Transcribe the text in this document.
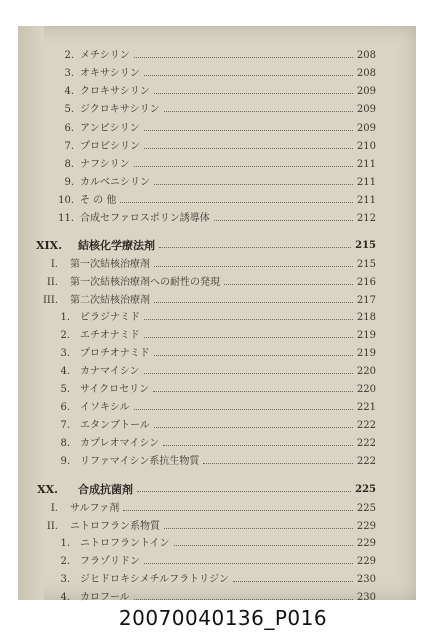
2. メチシリン	208
3. オキサシリン	208
4. クロキサシリン	209
5. ジクロキサシリン	209
6. アンピシリン	209
7. プロピシリン	210
8. ナフシリン	211
9. カルベニシリン	211
10. そ の 他	211
11. 合成セファロスポリン誘導体	212
XIX. 結核化学療法剤	215
I. 第一次結核治療剤	215
II. 第一次結核治療剤への耐性の発現	216
III. 第二次結核治療剤	217
1. ピラジナミド	218
2. エチオナミド	219
3. プロチオナミド	219
4. カナマイシン	220
5. サイクロセリン	220
6. イソキシル	221
7. エタンブトール	222
8. カプレオマイシン	222
9. リファマイシン系抗生物質	222
XX. 合成抗菌剤	225
I. サルファ剤	225
II. ニトロフラン系物質	229
1. ニトロフラントイン	229
2. フラゾリドン	229
3. ジヒドロキシメチルフラトリジン	230
4. カロフール	230
20070040136_P016
